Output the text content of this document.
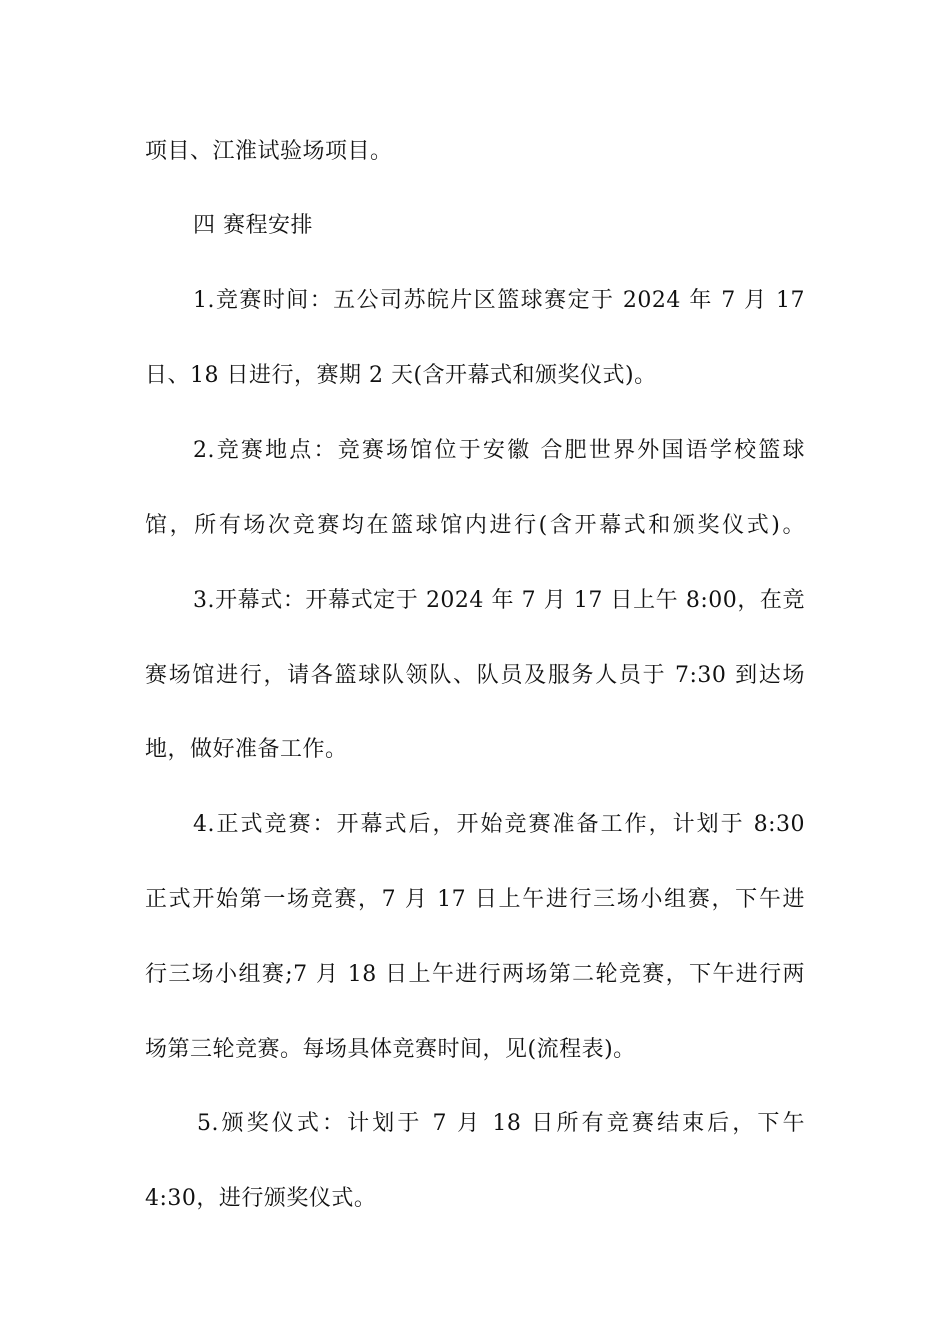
项目、江淮试验场项目。
四 赛程安排
1.竞赛时间：五公司苏皖片区篮球赛定于 2024 年 7 月 17
日、18 日进行，赛期 2 天(含开幕式和颁奖仪式)。
2.竞赛地点：竞赛场馆位于安徽 合肥世界外国语学校篮球
馆，所有场次竞赛均在篮球馆内进行(含开幕式和颁奖仪式)。
3.开幕式：开幕式定于 2024 年 7 月 17 日上午 8:00，在竞
赛场馆进行，请各篮球队领队、队员及服务人员于 7:30 到达场
地，做好准备工作。
4.正式竞赛：开幕式后，开始竞赛准备工作，计划于 8:30
正式开始第一场竞赛，7 月 17 日上午进行三场小组赛，下午进
行三场小组赛;7 月 18 日上午进行两场第二轮竞赛，下午进行两
场第三轮竞赛。每场具体竞赛时间，见(流程表)。
5.颁奖仪式：计划于 7 月 18 日所有竞赛结束后，下午
4:30，进行颁奖仪式。
